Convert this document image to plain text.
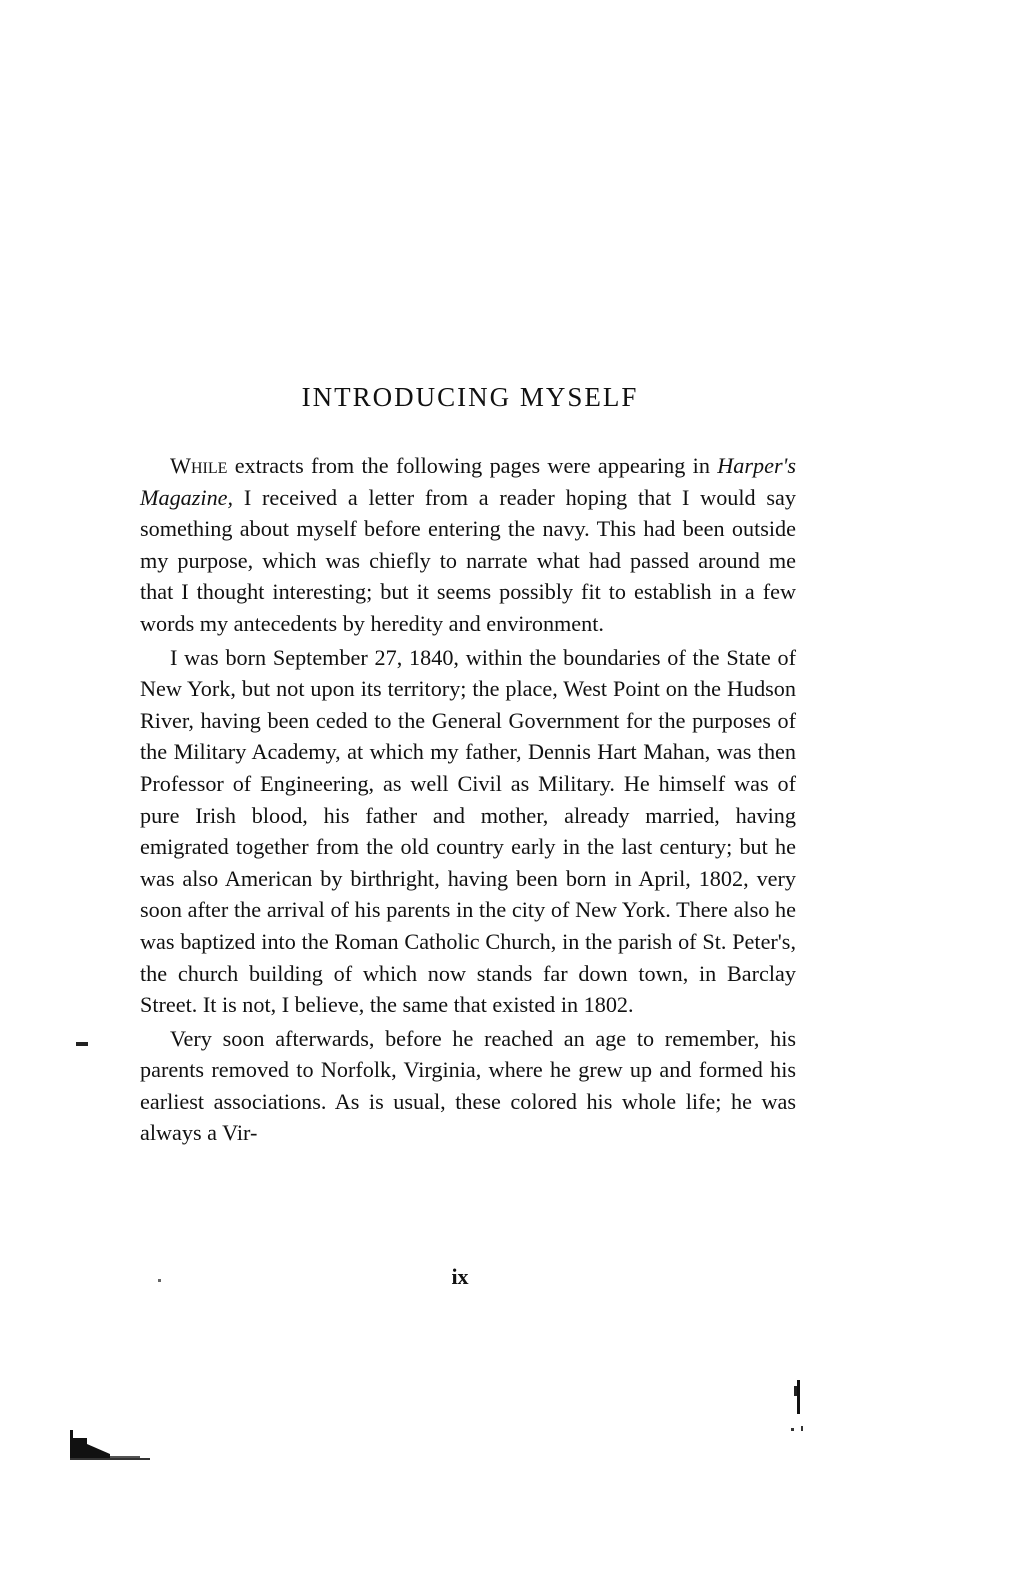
INTRODUCING MYSELF

While extracts from the following pages were appearing in Harper's Magazine, I received a letter from a reader hoping that I would say something about myself before entering the navy. This had been outside my purpose, which was chiefly to narrate what had passed around me that I thought interesting; but it seems possibly fit to establish in a few words my antecedents by heredity and environment.

I was born September 27, 1840, within the boundaries of the State of New York, but not upon its territory; the place, West Point on the Hudson River, having been ceded to the General Government for the purposes of the Military Academy, at which my father, Dennis Hart Mahan, was then Professor of Engineering, as well Civil as Military. He himself was of pure Irish blood, his father and mother, already married, having emigrated together from the old country early in the last century; but he was also American by birthright, having been born in April, 1802, very soon after the arrival of his parents in the city of New York. There also he was baptized into the Roman Catholic Church, in the parish of St. Peter's, the church building of which now stands far down town, in Barclay Street. It is not, I believe, the same that existed in 1802.

Very soon afterwards, before he reached an age to remember, his parents removed to Norfolk, Virginia, where he grew up and formed his earliest associations. As is usual, these colored his whole life; he was always a Vir-

ix
